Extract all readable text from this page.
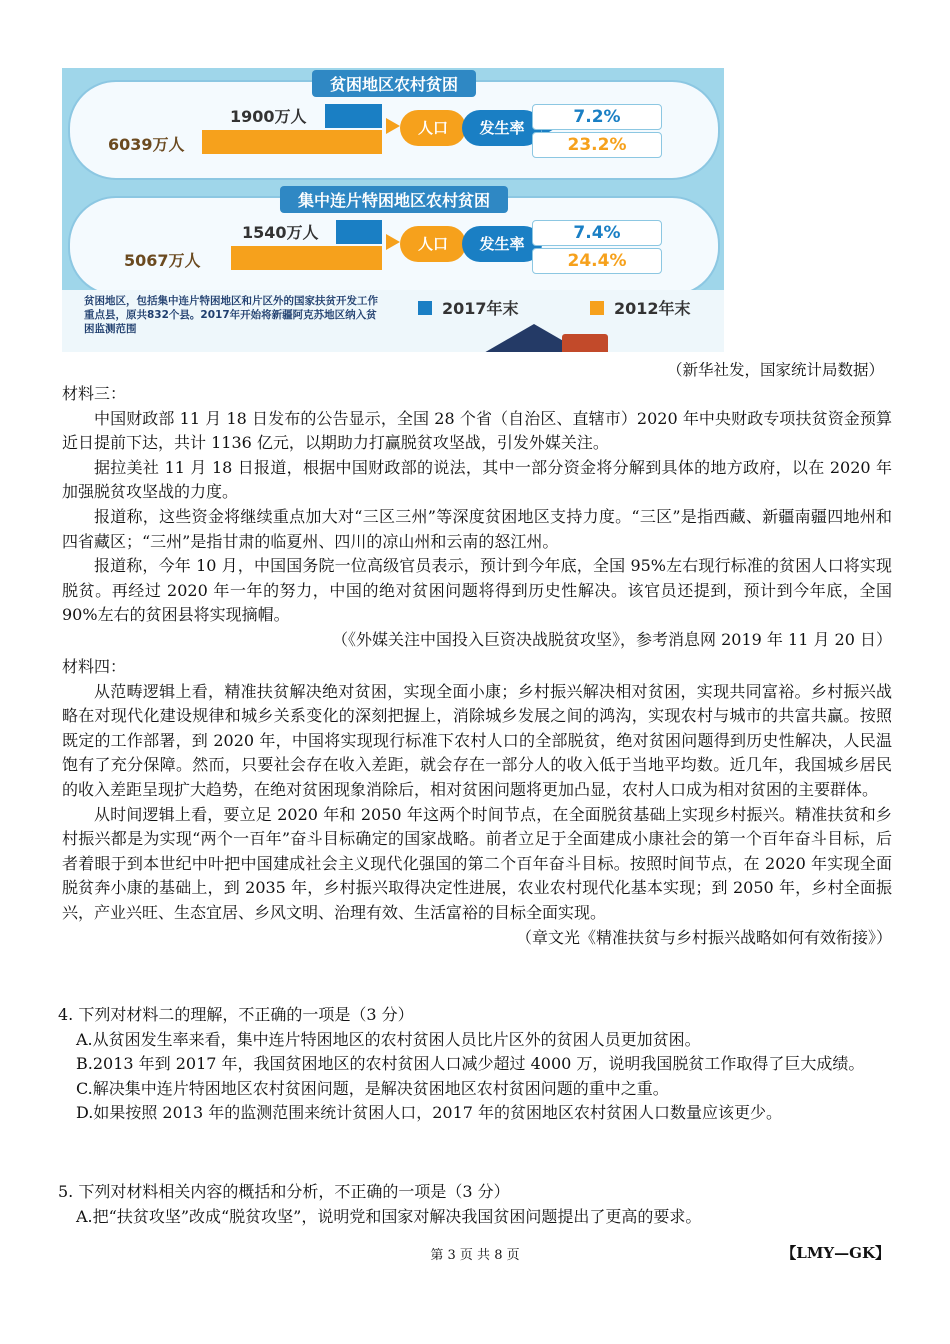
贫困地区农村贫困
1900万人
6039万人
人口	发生率
7.2%
23.2%
集中连片特困地区农村贫困
1540万人
5067万人
人口	发生率
7.4%
24.4%
贫困地区，包括集中连片特困地区和片区外的国家扶贫开发工作重点县，原共832个县。2017年开始将新疆阿克苏地区纳入贫困监测范围
2017年末	2012年末
（新华社发，国家统计局数据）

材料三：

中国财政部 11 月 18 日发布的公告显示，全国 28 个省（自治区、直辖市）2020 年中央财政专项扶贫资金预算近日提前下达，共计 1136 亿元，以期助力打赢脱贫攻坚战，引发外媒关注。

据拉美社 11 月 18 日报道，根据中国财政部的说法，其中一部分资金将分解到具体的地方政府，以在 2020 年加强脱贫攻坚战的力度。

报道称，这些资金将继续重点加大对“三区三州”等深度贫困地区支持力度。“三区”是指西藏、新疆南疆四地州和四省藏区；“三州”是指甘肃的临夏州、四川的凉山州和云南的怒江州。

报道称，今年 10 月，中国国务院一位高级官员表示，预计到今年底，全国 95%左右现行标准的贫困人口将实现脱贫。再经过 2020 年一年的努力，中国的绝对贫困问题将得到历史性解决。该官员还提到，预计到今年底，全国 90%左右的贫困县将实现摘帽。

（《外媒关注中国投入巨资决战脱贫攻坚》，参考消息网 2019 年 11 月 20 日）

材料四：

从范畴逻辑上看，精准扶贫解决绝对贫困，实现全面小康；乡村振兴解决相对贫困，实现共同富裕。乡村振兴战略在对现代化建设规律和城乡关系变化的深刻把握上，消除城乡发展之间的鸿沟，实现农村与城市的共富共赢。按照既定的工作部署，到 2020 年，中国将实现现行标准下农村人口的全部脱贫，绝对贫困问题得到历史性解决，人民温饱有了充分保障。然而，只要社会存在收入差距，就会存在一部分人的收入低于当地平均数。近几年，我国城乡居民的收入差距呈现扩大趋势，在绝对贫困现象消除后，相对贫困问题将更加凸显，农村人口成为相对贫困的主要群体。

从时间逻辑上看，要立足 2020 年和 2050 年这两个时间节点，在全面脱贫基础上实现乡村振兴。精准扶贫和乡村振兴都是为实现“两个一百年”奋斗目标确定的国家战略。前者立足于全面建成小康社会的第一个百年奋斗目标，后者着眼于到本世纪中叶把中国建成社会主义现代化强国的第二个百年奋斗目标。按照时间节点，在 2020 年实现全面脱贫奔小康的基础上，到 2035 年，乡村振兴取得决定性进展，农业农村现代化基本实现；到 2050 年，乡村全面振兴，产业兴旺、生态宜居、乡风文明、治理有效、生活富裕的目标全面实现。

（章文光《精准扶贫与乡村振兴战略如何有效衔接》）

4. 下列对材料二的理解，不正确的一项是（3 分）

A.从贫困发生率来看，集中连片特困地区的农村贫困人员比片区外的贫困人员更加贫困。

B.2013 年到 2017 年，我国贫困地区的农村贫困人口减少超过 4000 万，说明我国脱贫工作取得了巨大成绩。

C.解决集中连片特困地区农村贫困问题，是解决贫困地区农村贫困问题的重中之重。

D.如果按照 2013 年的监测范围来统计贫困人口，2017 年的贫困地区农村贫困人口数量应该更少。

5. 下列对材料相关内容的概括和分析，不正确的一项是（3 分）

A.把“扶贫攻坚”改成“脱贫攻坚”，说明党和国家对解决我国贫困问题提出了更高的要求。

第 3 页 共 8 页	【LMY—GK】
